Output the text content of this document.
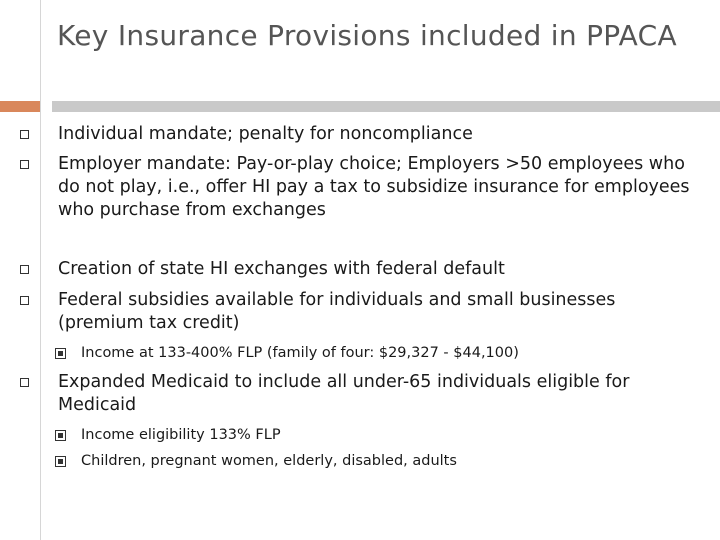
Key Insurance Provisions included in PPACA
Individual mandate; penalty for noncompliance
Employer mandate: Pay-or-play choice; Employers >50 employees who do not play, i.e., offer HI pay a tax to subsidize insurance for employees who purchase from exchanges
Creation of state HI exchanges with federal default
Federal subsidies available for individuals and small businesses (premium tax credit)
Income at 133-400% FLP (family of four: $29,327 - $44,100)
Expanded Medicaid to include all under-65 individuals eligible for Medicaid
Income eligibility 133% FLP
Children, pregnant women, elderly, disabled, adults
